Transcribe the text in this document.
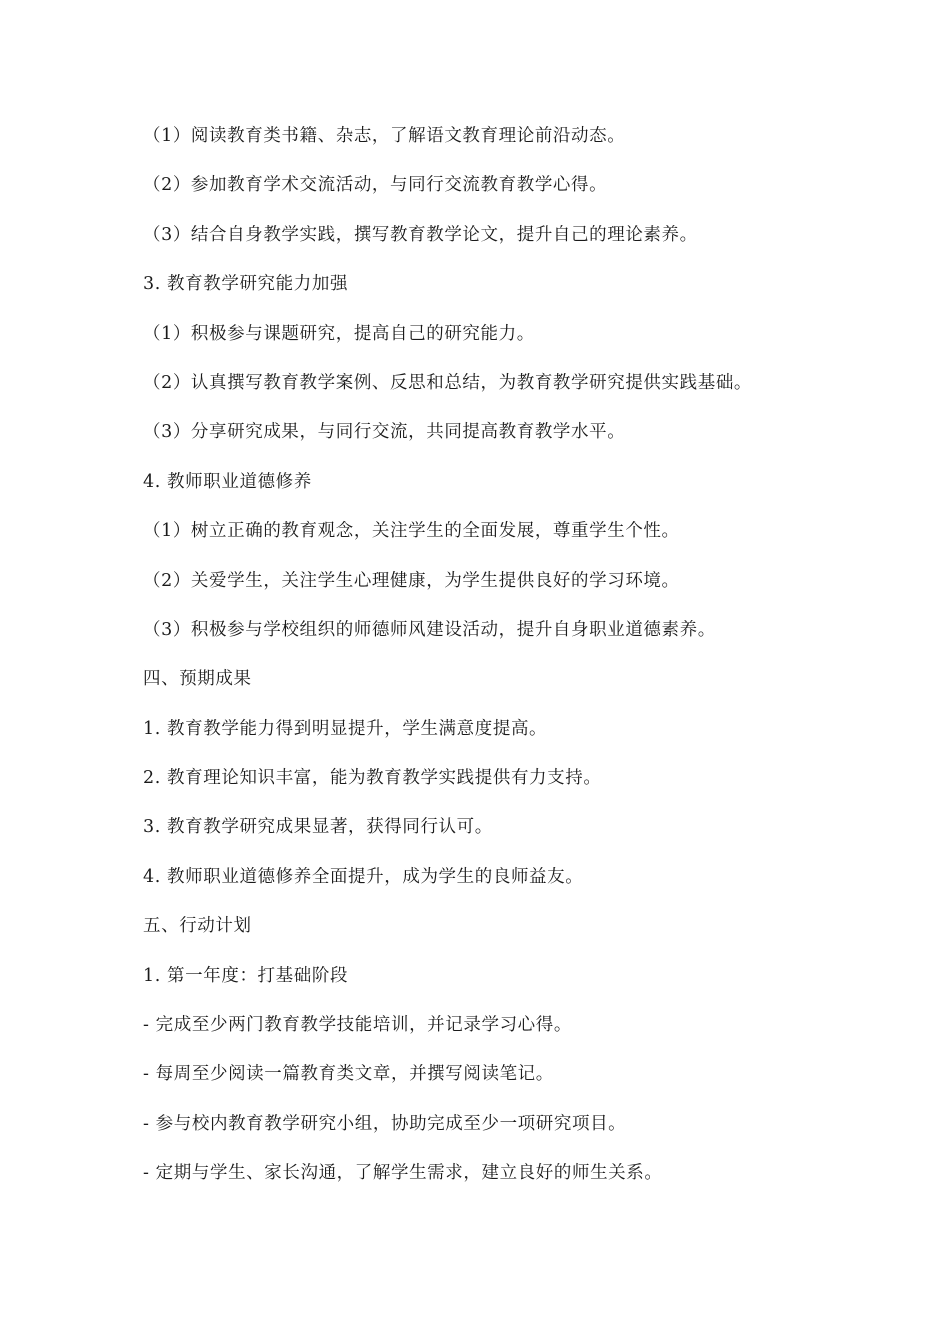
（1）阅读教育类书籍、杂志，了解语文教育理论前沿动态。
（2）参加教育学术交流活动，与同行交流教育教学心得。
（3）结合自身教学实践，撰写教育教学论文，提升自己的理论素养。
3. 教育教学研究能力加强
（1）积极参与课题研究，提高自己的研究能力。
（2）认真撰写教育教学案例、反思和总结，为教育教学研究提供实践基础。
（3）分享研究成果，与同行交流，共同提高教育教学水平。
4. 教师职业道德修养
（1）树立正确的教育观念，关注学生的全面发展，尊重学生个性。
（2）关爱学生，关注学生心理健康，为学生提供良好的学习环境。
（3）积极参与学校组织的师德师风建设活动，提升自身职业道德素养。
四、预期成果
1. 教育教学能力得到明显提升，学生满意度提高。
2. 教育理论知识丰富，能为教育教学实践提供有力支持。
3. 教育教学研究成果显著，获得同行认可。
4. 教师职业道德修养全面提升，成为学生的良师益友。
五、行动计划
1. 第一年度：打基础阶段
- 完成至少两门教育教学技能培训，并记录学习心得。
- 每周至少阅读一篇教育类文章，并撰写阅读笔记。
- 参与校内教育教学研究小组，协助完成至少一项研究项目。
- 定期与学生、家长沟通，了解学生需求，建立良好的师生关系。
